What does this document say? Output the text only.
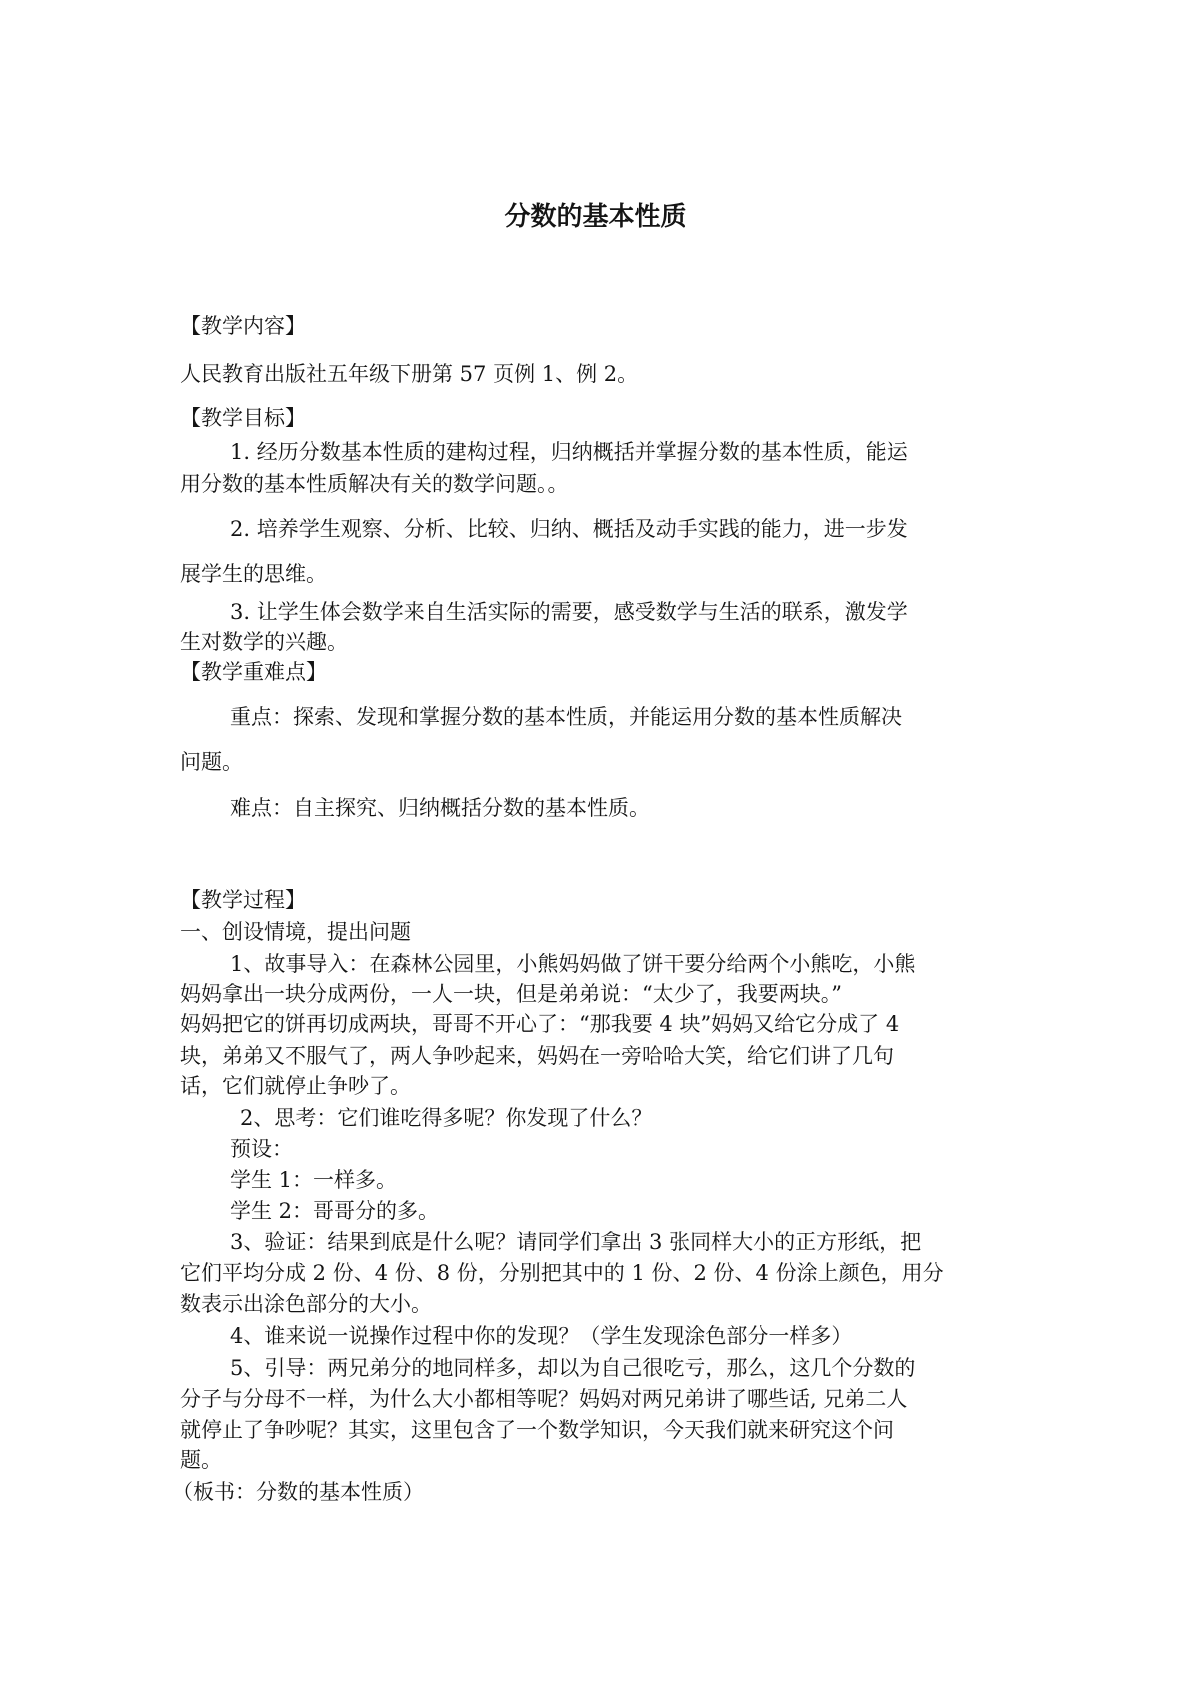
分数的基本性质
【教学内容】
人民教育出版社五年级下册第 57 页例 1、例 2。
【教学目标】
1. 经历分数基本性质的建构过程，归纳概括并掌握分数的基本性质，能运
用分数的基本性质解决有关的数学问题。。
2. 培养学生观察、分析、比较、归纳、概括及动手实践的能力，进一步发
展学生的思维。
3. 让学生体会数学来自生活实际的需要，感受数学与生活的联系，激发学
生对数学的兴趣。
【教学重难点】
重点：探索、发现和掌握分数的基本性质，并能运用分数的基本性质解决
问题。
难点：自主探究、归纳概括分数的基本性质。
【教学过程】
一、创设情境，提出问题
1、故事导入：在森林公园里，小熊妈妈做了饼干要分给两个小熊吃，小熊
妈妈拿出一块分成两份，一人一块，但是弟弟说：“太少了，我要两块。”
妈妈把它的饼再切成两块，哥哥不开心了：“那我要 4 块”妈妈又给它分成了 4
块，弟弟又不服气了，两人争吵起来，妈妈在一旁哈哈大笑，给它们讲了几句
话，它们就停止争吵了。
2、思考：它们谁吃得多呢？你发现了什么？
预设：
学生 1：一样多。
学生 2：哥哥分的多。
3、验证：结果到底是什么呢？请同学们拿出 3 张同样大小的正方形纸，把
它们平均分成 2 份、4 份、8 份，分别把其中的 1 份、2 份、4 份涂上颜色，用分
数表示出涂色部分的大小。
4、谁来说一说操作过程中你的发现？（学生发现涂色部分一样多）
5、引导：两兄弟分的地同样多，却以为自己很吃亏，那么，这几个分数的
分子与分母不一样，为什么大小都相等呢？妈妈对两兄弟讲了哪些话, 兄弟二人
就停止了争吵呢？其实，这里包含了一个数学知识，今天我们就来研究这个问
题。
（板书：分数的基本性质）
